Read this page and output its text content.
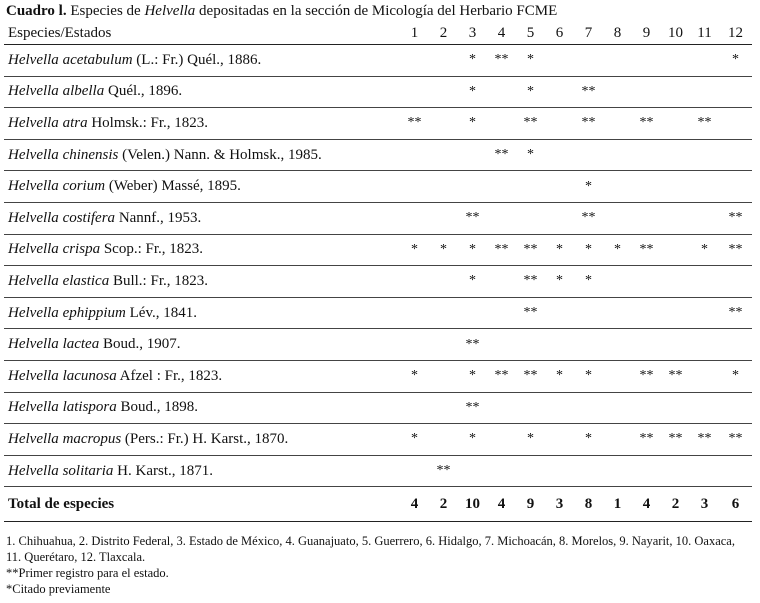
Cuadro l. Especies de Helvella depositadas en la sección de Micología del Herbario FCME
Especies/Estados	1	2	3	4	5	6	7	8	9	10	11	12
Helvella acetabulum (L.: Fr.) Quél., 1886.			*	**	*							*
Helvella albella Quél., 1896.			*		*		**					
Helvella atra Holmsk.: Fr., 1823.	**		*		**		**		**		**	
Helvella chinensis (Velen.) Nann. & Holmsk., 1985.				**	*							
Helvella corium (Weber) Massé, 1895.							*					
Helvella costifera Nannf., 1953.			**				**					**
Helvella crispa Scop.: Fr., 1823.	*	*	*	**	**	*	*	*	**		*	**
Helvella elastica Bull.: Fr., 1823.			*		**	*	*					
Helvella ephippium Lév., 1841.					**							**
Helvella lactea Boud., 1907.			**									
Helvella lacunosa Afzel : Fr., 1823.	*		*	**	**	*	*		**	**		*
Helvella latispora Boud., 1898.			**									
Helvella macropus (Pers.: Fr.) H. Karst., 1870.	*		*		*		*		**	**	**	**
Helvella solitaria H. Karst., 1871.		**										
Total de especies	4	2	10	4	9	3	8	1	4	2	3	6
1. Chihuahua, 2. Distrito Federal, 3. Estado de México, 4. Guanajuato, 5. Guerrero, 6. Hidalgo, 7. Michoacán, 8. Morelos, 9. Nayarit, 10. Oaxaca, 11. Querétaro, 12. Tlaxcala.
**Primer registro para el estado.
*Citado previamente
